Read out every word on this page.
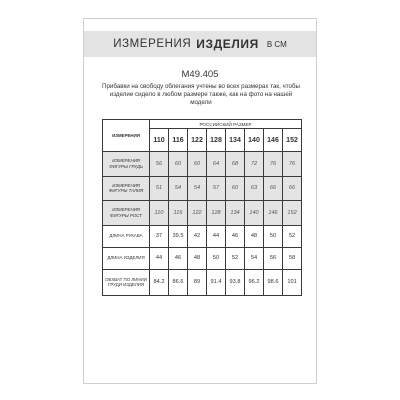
ИЗМЕРЕНИЯ ИЗДЕЛИЯ В СМ
M49.405
Прибавки на свободу облегания учтены во всех размерах так, чтобы изделие сидело в любом размере также, как на фото на нашей модели
ИЗМЕРЕНИЯ	РОССИЙСКИЙ РАЗМЕР							
	110	116	122	128	134	140	146	152
ИЗМЕРЕНИЯ ФИГУРЫ ГРУДЬ	56	60	60	64	68	72	76	76
ИЗМЕРЕНИЯ ФИГУРЫ ТАЛИЯ	51	54	54	57	60	63	66	66
ИЗМЕРЕНИЯ ФИГУРЫ РОСТ	110	116	122	128	134	140	146	152
ДЛИНА РУКАВА	37	39.5	42	44	46	48	50	52
ДЛИНА ИЗДЕЛИЯ	44	46	48	50	52	54	56	58
ОБХВАТ ПО ЛИНИИ ГРУДИ ИЗДЕЛИЯ	84.2	86.6	89	91.4	93.8	96.2	98.6	101
